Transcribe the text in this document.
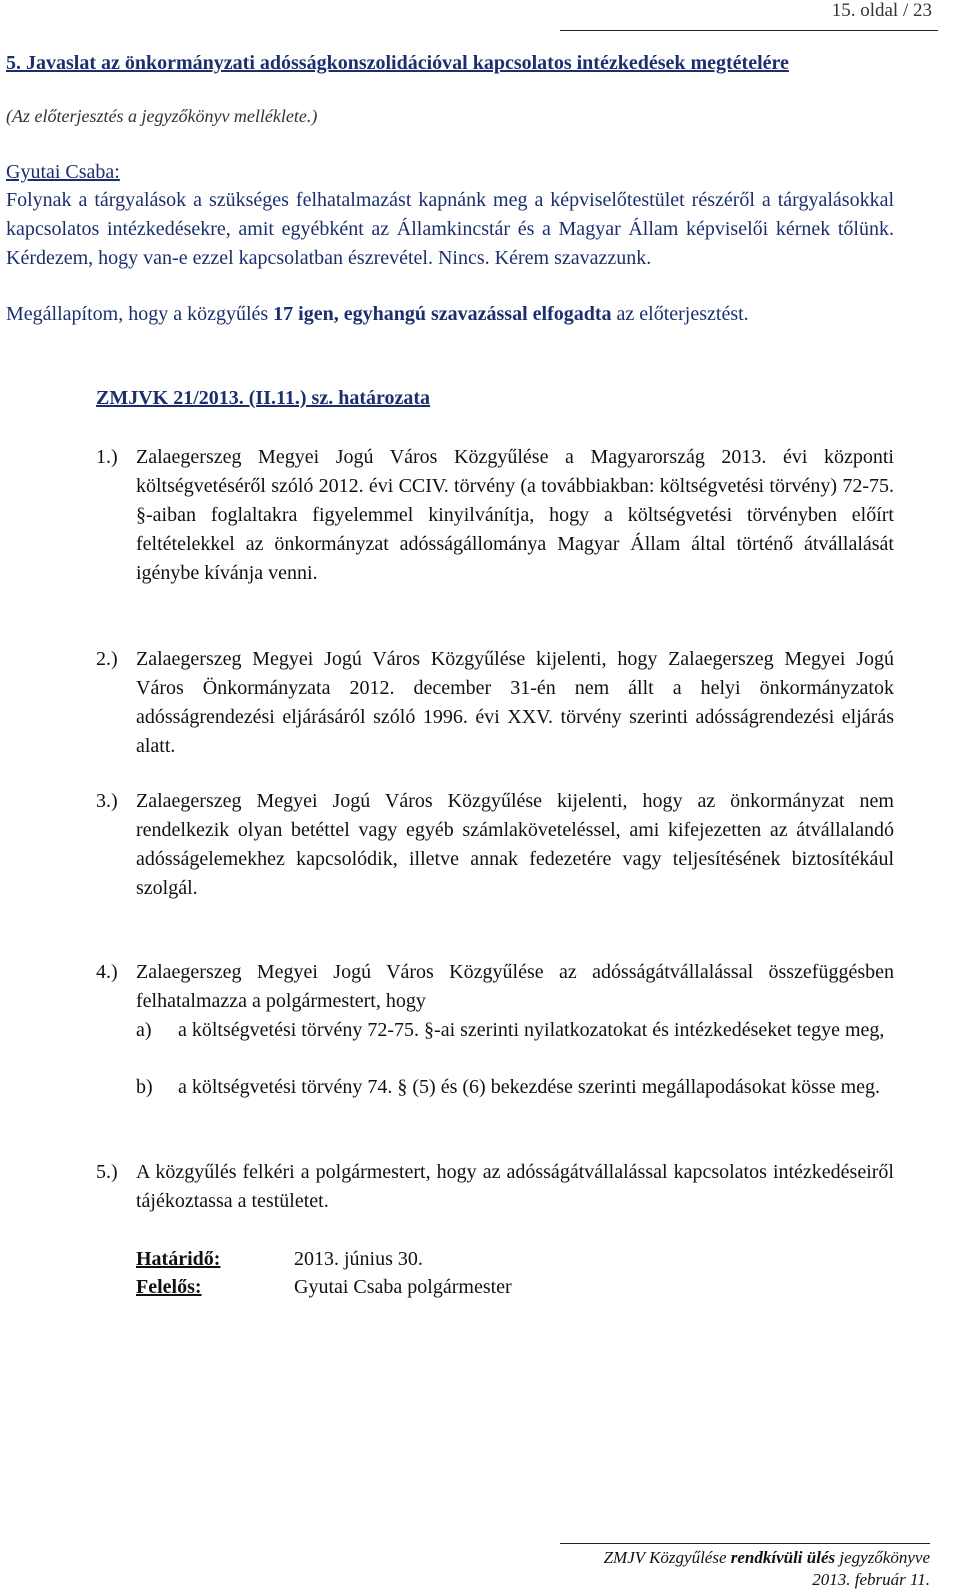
15. oldal / 23
5. Javaslat az önkormányzati adósságkonszolidációval kapcsolatos intézkedések megtételére
(Az előterjesztés a jegyzőkönyv melléklete.)
Gyutai Csaba:
Folynak a tárgyalások a szükséges felhatalmazást kapnánk meg a képviselőtestület részéről a tárgyalásokkal kapcsolatos intézkedésekre, amit egyébként az Államkincstár és a Magyar Állam képviselői kérnek tőlünk. Kérdezem, hogy van-e ezzel kapcsolatban észrevétel. Nincs. Kérem szavazzunk.
Megállapítom, hogy a közgyűlés 17 igen, egyhangú szavazással elfogadta az előterjesztést.
ZMJVK 21/2013. (II.11.) sz. határozata
1.) Zalaegerszeg Megyei Jogú Város Közgyűlése a Magyarország 2013. évi központi költségvetéséről szóló 2012. évi CCIV. törvény (a továbbiakban: költségvetési törvény) 72-75. §-aiban foglaltakra figyelemmel kinyilvánítja, hogy a költségvetési törvényben előírt feltételekkel az önkormányzat adósságállománya Magyar Állam által történő átvállalását igénybe kívánja venni.
2.) Zalaegerszeg Megyei Jogú Város Közgyűlése kijelenti, hogy Zalaegerszeg Megyei Jogú Város Önkormányzata 2012. december 31-én nem állt a helyi önkormányzatok adósságrendezési eljárásáról szóló 1996. évi XXV. törvény szerinti adósságrendezési eljárás alatt.
3.) Zalaegerszeg Megyei Jogú Város Közgyűlése kijelenti, hogy az önkormányzat nem rendelkezik olyan betéttel vagy egyéb számlaköveteléssel, ami kifejezetten az átvállalandó adósságelemekhez kapcsolódik, illetve annak fedezetére vagy teljesítésének biztosítékául szolgál.
4.) Zalaegerszeg Megyei Jogú Város Közgyűlése az adósságátvállalással összefüggésben felhatalmazza a polgármestert, hogy
a)	a költségvetési törvény 72-75. §-ai szerinti nyilatkozatokat és intézkedéseket tegye meg,
b)	a költségvetési törvény 74. § (5) és (6) bekezdése szerinti megállapodásokat kösse meg.
5.) A közgyűlés felkéri a polgármestert, hogy az adósságátvállalással kapcsolatos intézkedéseiről tájékoztassa a testületet.
Határidő:	2013. június 30.
Felelős:	Gyutai Csaba polgármester
ZMJV Közgyűlése rendkívüli ülés jegyzőkönyve
2013. február 11.
